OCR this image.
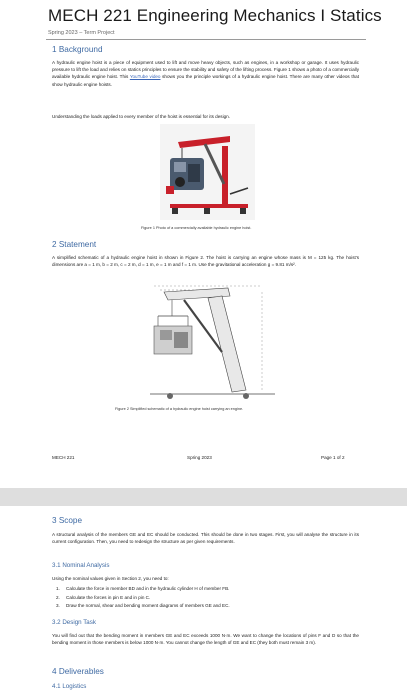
MECH 221 Engineering Mechanics I Statics
Spring 2023 – Term Project
1 Background
A hydraulic engine hoist is a piece of equipment used to lift and move heavy objects, such as engines, in a workshop or garage. It uses hydraulic pressure to lift the load and relies on statics principles to ensure the stability and safety of the lifting process. Figure 1 shows a photo of a commercially available hydraulic engine hoist. This YouTube video shows you the principle workings of a hydraulic engine hoist. There are many other videos that show hydraulic engine hoists.
Understanding the loads applied to every member of the hoist is essential for its design.
Figure 1 Photo of a commercially available hydraulic engine hoist.
2 Statement
A simplified schematic of a hydraulic engine hoist in shown in Figure 2. The hoist is carrying an engine whose mass is M = 125 kg. The hoist's dimensions are a = 1 m, b = 2 m, c = 2 m, d = 1 m, e = 1 m and f = 1 m. Use the gravitational acceleration g = 9.81 m/s².
Figure 2 Simplified schematic of a hydraulic engine hoist carrying an engine.
MECH 221	Spring 2023	Page 1 of 2
3 Scope
A structural analysis of the members GE and EC should be conducted. This should be done in two stages. First, you will analyse the structure in its current configuration. Then, you need to redesign the structure as per given requirements.
3.1 Nominal Analysis
Using the nominal values given in Section 2, you need to:
1. Calculate the force in member BD and in the hydraulic cylinder H of member FB.
2. Calculate the forces in pin E and in pin C.
3. Draw the normal, shear and bending moment diagrams of members GE and EC.
3.2 Design Task
You will find out that the bending moment in members GE and EC exceeds 1000 N·m. We want to change the locations of pins F and D so that the bending moment in those members is below 1000 N·m. You cannot change the length of GE and EC (they both must remain 3 m).
4 Deliverables
4.1 Logistics
